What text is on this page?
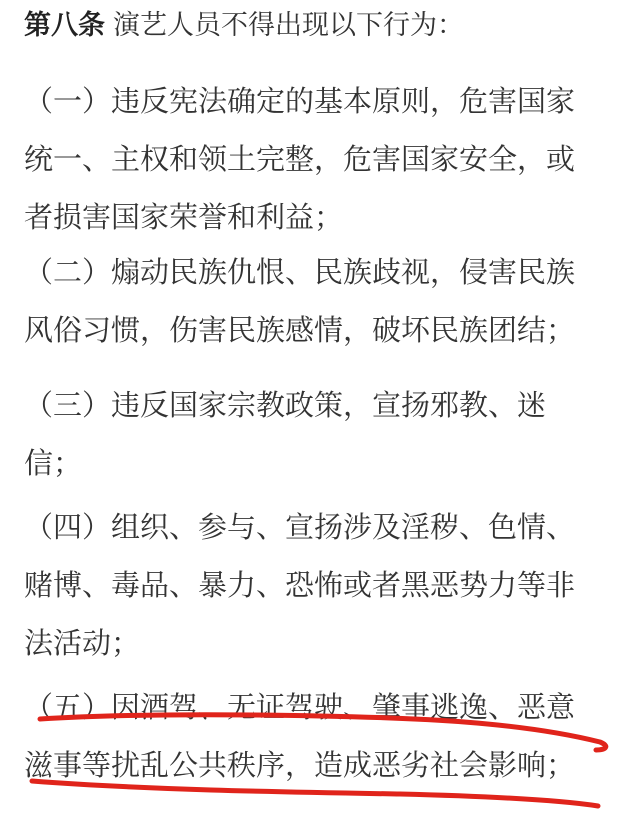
第八条 演艺人员不得出现以下行为：
（一）违反宪法确定的基本原则，危害国家
统一、主权和领土完整，危害国家安全，或
者损害国家荣誉和利益；
（二）煽动民族仇恨、民族歧视，侵害民族
风俗习惯，伤害民族感情，破坏民族团结；
（三）违反国家宗教政策，宣扬邪教、迷
信；
（四）组织、参与、宣扬涉及淫秽、色情、
赌博、毒品、暴力、恐怖或者黑恶势力等非
法活动；
（五）因酒驾、无证驾驶、肇事逃逸、恶意
滋事等扰乱公共秩序，造成恶劣社会影响；
